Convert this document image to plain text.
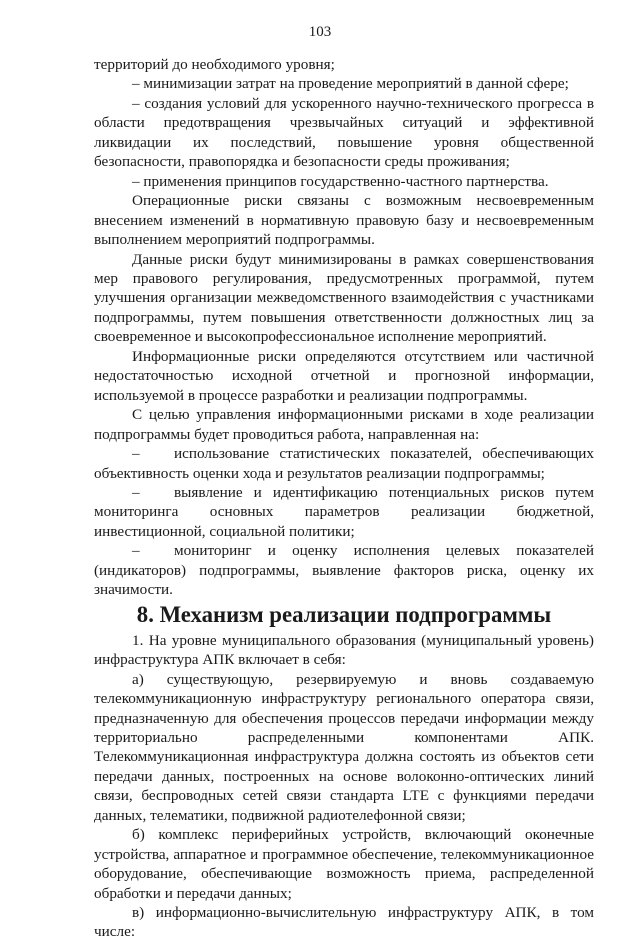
103

территорий до необходимого уровня;

– минимизации затрат на проведение мероприятий в данной сфере;

– создания условий для ускоренного научно-технического прогресса в области предотвращения чрезвычайных ситуаций и эффективной ликвидации их последствий, повышение уровня общественной безопасности, правопорядка и безопасности среды проживания;

– применения принципов государственно-частного партнерства.

Операционные риски связаны с возможным несвоевременным внесением изменений в нормативную правовую базу и несвоевременным выполнением мероприятий подпрограммы.

Данные риски будут минимизированы в рамках совершенствования мер правового регулирования, предусмотренных программой, путем улучшения организации межведомственного взаимодействия с участниками подпрограммы, путем повышения ответственности должностных лиц за своевременное и высокопрофессиональное исполнение мероприятий.

Информационные риски определяются отсутствием или частичной недостаточностью исходной отчетной и прогнозной информации, используемой в процессе разработки и реализации подпрограммы.

С целью управления информационными рисками в ходе реализации подпрограммы будет проводиться работа, направленная на:

– использование статистических показателей, обеспечивающих объективность оценки хода и результатов реализации подпрограммы;

– выявление и идентификацию потенциальных рисков путем мониторинга основных параметров реализации бюджетной, инвестиционной, социальной политики;

– мониторинг и оценку исполнения целевых показателей (индикаторов) подпрограммы, выявление факторов риска, оценку их значимости.

8. Механизм реализации подпрограммы

1. На уровне муниципального образования (муниципальный уровень) инфраструктура АПК включает в себя:

а) существующую, резервируемую и вновь создаваемую телекоммуникационную инфраструктуру регионального оператора связи, предназначенную для обеспечения процессов передачи информации между территориально распределенными компонентами АПК. Телекоммуникационная инфраструктура должна состоять из объектов сети передачи данных, построенных на основе волоконно-оптических линий связи, беспроводных сетей связи стандарта LTE с функциями передачи данных, телематики, подвижной радиотелефонной связи;

б) комплекс периферийных устройств, включающий оконечные устройства, аппаратное и программное обеспечение, телекоммуникационное оборудование, обеспечивающие возможность приема, распределенной обработки и передачи данных;

в) информационно-вычислительную инфраструктуру АПК, в том числе:
